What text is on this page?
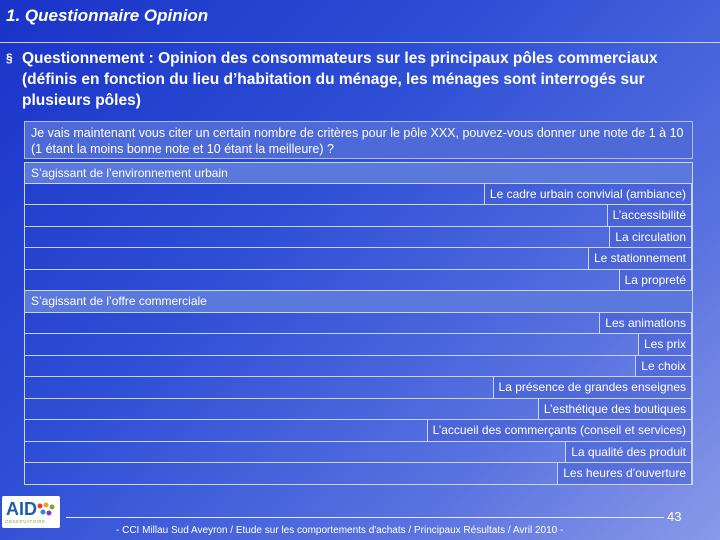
1. Questionnaire Opinion
§ Questionnement : Opinion des consommateurs sur les principaux pôles commerciaux (définis en fonction du lieu d’habitation du ménage, les ménages sont interrogés sur plusieurs pôles)
Je vais maintenant vous citer un certain nombre de critères pour le pôle XXX, pouvez-vous donner une note de 1 à 10 (1 étant la moins bonne note et 10 étant la meilleure) ?
S’agissant de l’environnement urbain
Le cadre urbain convivial (ambiance)
L’accessibilité
La circulation
Le stationnement
La propreté
S’agissant de l’offre commerciale
Les animations
Les prix
Le choix
La présence de grandes enseignes
L’esthétique des boutiques
L’accueil des commerçants (conseil et services)
La qualité des produit
Les heures d’ouverture
AID
OBSERVATOIRE	43
- CCI Millau Sud Aveyron / Etude sur les comportements d'achats / Principaux Résultats / Avril 2010 -
